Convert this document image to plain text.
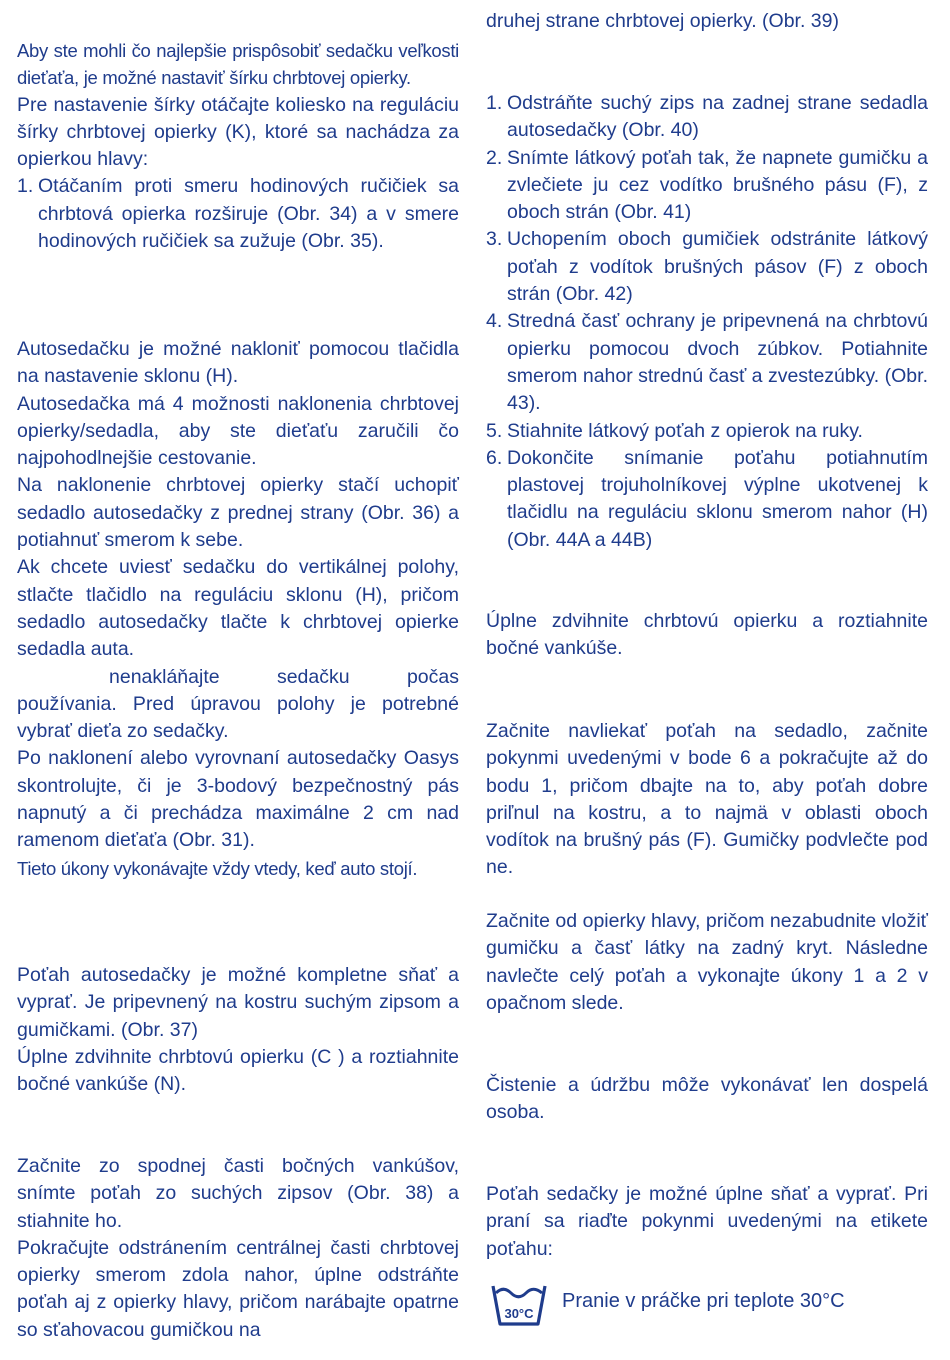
Aby ste mohli čo najlepšie prispôsobiť sedačku veľkosti dieťaťa, je možné nastaviť šírku chrbtovej opierky.

Pre nastavenie šírky otáčajte koliesko na reguláciu šírky chrbtovej opierky (K), ktoré sa nachádza za opierkou hlavy:

1. Otáčaním proti smeru hodinových ručičiek sa chrbtová opierka rozširuje (Obr. 34) a v smere hodinových ručičiek sa zužuje (Obr. 35).

Autosedačku je možné nakloniť pomocou tlačidla na nastavenie sklonu (H).

Autosedačka má 4 možnosti naklonenia chrbtovej opierky/sedadla, aby ste dieťaťu zaručili čo najpohodlnejšie cestovanie.

Na naklonenie chrbtovej opierky stačí uchopiť sedadlo autosedačky z prednej strany (Obr. 36) a potiahnuť smerom k sebe.

Ak chcete uviesť sedačku do vertikálnej polohy, stlačte tlačidlo na reguláciu sklonu (H), pričom sedadlo autosedačky tlačte k chrbtovej opierke sedadla auta.

nenakláňajte sedačku počas používania. Pred úpravou polohy je potrebné vybrať dieťa zo sedačky.

Po naklonení alebo vyrovnaní autosedačky Oasys skontrolujte, či je 3-bodový bezpečnostný pás napnutý a či prechádza maximálne 2 cm nad ramenom dieťaťa (Obr. 31).

Tieto úkony vykonávajte vždy vtedy, keď auto stojí.

Poťah autosedačky je možné kompletne sňať a vyprať. Je pripevnený na kostru suchým zipsom a gumičkami. (Obr. 37)

Úplne zdvihnite chrbtovú opierku (C ) a roztiahnite bočné vankúše (N).

Začnite zo spodnej časti bočných vankúšov, snímte poťah zo suchých zipsov (Obr. 38) a stiahnite ho.

Pokračujte odstránením centrálnej časti chrbtovej opierky smerom zdola nahor, úplne odstráňte poťah aj z opierky hlavy, pričom narábajte opatrne so sťahovacou gumičkou na

druhej strane chrbtovej opierky. (Obr. 39)

1. Odstráňte suchý zips na zadnej strane sedadla autosedačky (Obr. 40)
2. Snímte látkový poťah tak, že napnete gumičku a zvlečiete ju cez vodítko brušného pásu (F), z oboch strán (Obr. 41)
3. Uchopením oboch gumičiek odstránite látkový poťah z vodítok brušných pásov (F) z oboch strán (Obr. 42)
4. Stredná časť ochrany je pripevnená na chrbtovú opierku pomocou dvoch zúbkov. Potiahnite smerom nahor strednú časť a zvestezúbky. (Obr. 43).
5. Stiahnite látkový poťah z opierok na ruky.
6. Dokončite snímanie poťahu potiahnutím plastovej trojuholníkovej výplne ukotvenej k tlačidlu na reguláciu sklonu smerom nahor (H) (Obr. 44A a 44B)

Úplne zdvihnite chrbtovú opierku a roztiahnite bočné vankúše.

Začnite navliekať poťah na sedadlo, začnite pokynmi uvedenými v bode 6 a pokračujte až do bodu 1, pričom dbajte na to, aby poťah dobre priľnul na kostru, a to najmä v oblasti oboch vodítok na brušný pás (F). Gumičky podvlečte pod ne.

Začnite od opierky hlavy, pričom nezabudnite vložiť gumičku a časť látky na zadný kryt. Následne navlečte celý poťah a vykonajte úkony 1 a 2 v opačnom slede.

Čistenie a údržbu môže vykonávať len dospelá osoba.

Poťah sedačky je možné úplne sňať a vyprať. Pri praní sa riaďte pokynmi uvedenými na etikete poťahu:

30°C
Pranie v práčke pri teplote 30°C
